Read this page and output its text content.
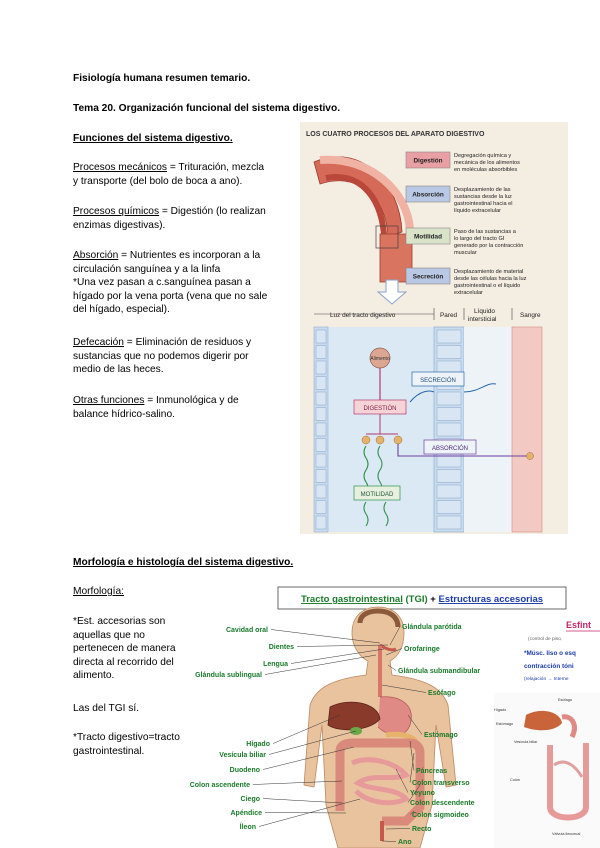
Fisiología humana resumen temario.
Tema 20. Organización funcional del sistema digestivo.
Funciones del sistema digestivo.
Procesos mecánicos = Trituración, mezcla
y transporte (del bolo de boca a ano).
Procesos químicos = Digestión (lo realizan
enzimas digestivas).
Absorción = Nutrientes es incorporan a la
circulación sanguínea y a la linfa
*Una vez pasan a c.sanguínea pasan a
hígado por la vena porta (vena que no sale
del hígado, especial).
Defecación = Eliminación de residuos y
sustancias que no podemos digerir por
medio de las heces.
Otras funciones = Inmunológica y de
balance hídrico-salino.
LOS CUATRO PROCESOS DEL APARATO DIGESTIVO
Digestión
Degregación química y
mecánica de los alimentos
en moléculas absorbibles
Absorción
Desplazamiento de las
sustancias desde la luz
gastrointestinal hacia el
líquido extracelular
Motilidad
Paso de las sustancias a
lo largo del tracto GI
generado por la contracción
muscular
Secreción
Desplazamiento de material
desde las células hacia la luz
gastrointestinal o el líquido
extracelular
Luz del tracto digestivo	Pared
Líquido
intersticial
Sangre
Alimento
DIGESTIÓN
SECRECIÓN
ABSORCIÓN
MOTILIDAD
Morfología e histología del sistema digestivo.
Morfología:
*Est. accesorias son
aquellas que no
pertenecen de manera
directa al recorrido del
alimento.
Las del TGI sí.
*Tracto digestivo=tracto
gastrointestinal.
Tracto gastrointestinal (TGI) + Estructuras accesorias
Cavidad oral
Dientes
Lengua
Glándula sublingual
Hígado
Vesícula biliar
Duodeno
Colon ascendente
Ciego
Apéndice
Íleon
Glándula parótida
Orofaringe
Glándula submandibular
Esófago
Estómago
Páncreas
Colon transverso
Yeyuno
Colon descendente
Colon sigmoideo
Recto
Ano
Esfint
(control de piso,
*Músc. liso o esq
contracción tóni
(relajación → Interne
Hígado
Esófago
Estómago
Vesícula biliar
Colon
Válvula ileocecal
